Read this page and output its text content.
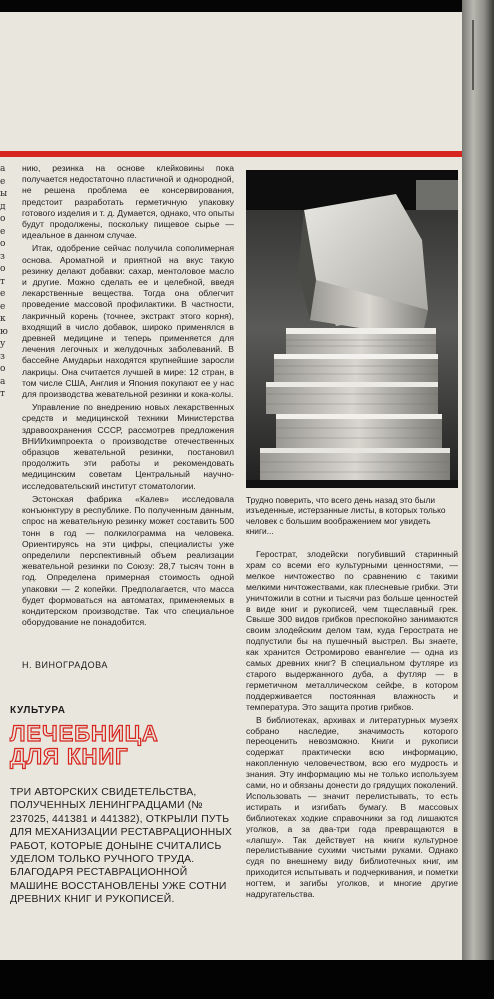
а
е
ы
д
о
е
о
з
о
т
е
е
к
ю
у
з
о
а
т

нию, резинка на основе клейковины пока получается недостаточно пластичной и однородной, не решена проблема ее консервирования, предстоит разработать герметичную упаковку готового изделия и т. д. Думается, однако, что опыты будут продолжены, поскольку пищевое сырье — идеальное в данном случае.

Итак, одобрение сейчас получила сополимерная основа. Ароматной и приятной на вкус такую резинку делают добавки: сахар, ментоловое масло и другие. Можно сделать ее и целебной, введя лекарственные вещества. Тогда она облегчит проведение массовой профилактики. В частности, лакричный корень (точнее, экстракт этого корня), входящий в число добавок, широко применялся в древней медицине и теперь применяется для лечения легочных и желудочных заболеваний. В бассейне Амударьи находятся крупнейшие заросли лакрицы. Она считается лучшей в мире: 12 стран, в том числе США, Англия и Япония покупают ее у нас для производства жевательной резинки и кока-колы.

Управление по внедрению новых лекарственных средств и медицинской техники Министерства здравоохранения СССР, рассмотрев предложения ВНИИхимпроекта о производстве отечественных образцов жевательной резинки, постановил продолжить эти работы и рекомендовать медицинским советам Центральный научно-исследовательский институт стоматологии.

Эстонская фабрика «Калев» исследовала конъюнктуру в республике. По полученным данным, спрос на жевательную резинку может составить 500 тонн в год — полкилограмма на человека. Ориентируясь на эти цифры, специалисты уже определили перспективный объем реализации жевательной резинки по Союзу: 28,7 тысяч тонн в год. Определена примерная стоимость одной упаковки — 2 копейки. Предполагается, что масса будет формоваться на автоматах, применяемых в кондитерском производстве. Так что специальное оборудование не понадобится.

Н. ВИНОГРАДОВА
КУЛЬТУРА
ЛЕЧЕБНИЦА
ДЛЯ КНИГ
ТРИ АВТОРСКИХ СВИДЕТЕЛЬСТВА, ПОЛУЧЕННЫХ ЛЕНИНГРАДЦАМИ (№ 237025, 441381 и 441382), ОТКРЫЛИ ПУТЬ ДЛЯ МЕХАНИЗАЦИИ РЕСТАВРАЦИОННЫХ РАБОТ, КОТОРЫЕ ДОНЫНЕ СЧИТАЛИСЬ УДЕЛОМ ТОЛЬКО РУЧНОГО ТРУДА. БЛАГОДАРЯ РЕСТАВРАЦИОННОЙ МАШИНЕ ВОССТАНОВЛЕНЫ УЖЕ СОТНИ ДРЕВНИХ КНИГ И РУКОПИСЕЙ.
Трудно поверить, что всего день назад это были изъеденные, истерзанные листы, в которых только человек с большим воображением мог увидеть книги...

Герострат, злодейски погубивший старинный храм со всеми его культурными ценностями, — мелкое ничтожество по сравнению с такими мелкими ничтожествами, как плесневые грибки. Эти уничтожили в сотни и тысячи раз больше ценностей в виде книг и рукописей, чем тщеславный грек. Свыше 300 видов грибков преспокойно занимаются своим злодейским делом там, куда Герострата не подпустили бы на пушечный выстрел. Вы знаете, как хранится Остромирово евангелие — одна из самых древних книг? В специальном футляре из старого выдержанного дуба, а футляр — в герметичном металлическом сейфе, в котором поддерживается постоянная влажность и температура. Это защита против грибков.

В библиотеках, архивах и литературных музеях собрано наследие, значимость которого переоценить невозможно. Книги и рукописи содержат практически всю информацию, накопленную человечеством, всю его мудрость и знания. Эту информацию мы не только используем сами, но и обязаны донести до грядущих поколений. Использовать — значит перелистывать, то есть истирать и изгибать бумагу. В массовых библиотеках ходкие справочники за год лишаются уголков, а за два-три года превращаются в «лапшу». Так действует на книги культурное перелистывание сухими чистыми руками. Однако судя по внешнему виду библиотечных книг, им приходится испытывать и подчеркивания, и пометки ногтем, и загибы уголков, и многие другие надругательства.
